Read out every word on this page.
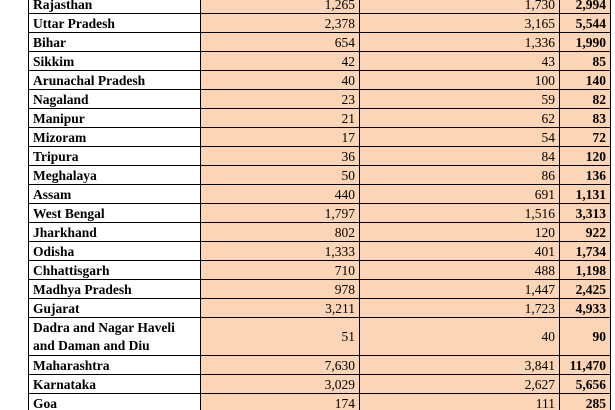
Rajasthan	1,265	1,730	2,994
Uttar Pradesh	2,378	3,165	5,544
Bihar	654	1,336	1,990
Sikkim	42	43	85
Arunachal Pradesh	40	100	140
Nagaland	23	59	82
Manipur	21	62	83
Mizoram	17	54	72
Tripura	36	84	120
Meghalaya	50	86	136
Assam	440	691	1,131
West Bengal	1,797	1,516	3,313
Jharkhand	802	120	922
Odisha	1,333	401	1,734
Chhattisgarh	710	488	1,198
Madhya Pradesh	978	1,447	2,425
Gujarat	3,211	1,723	4,933
Dadra and Nagar Haveli and Daman and Diu	51	40	90
Maharashtra	7,630	3,841	11,470
Karnataka	3,029	2,627	5,656
Goa	174	111	285
